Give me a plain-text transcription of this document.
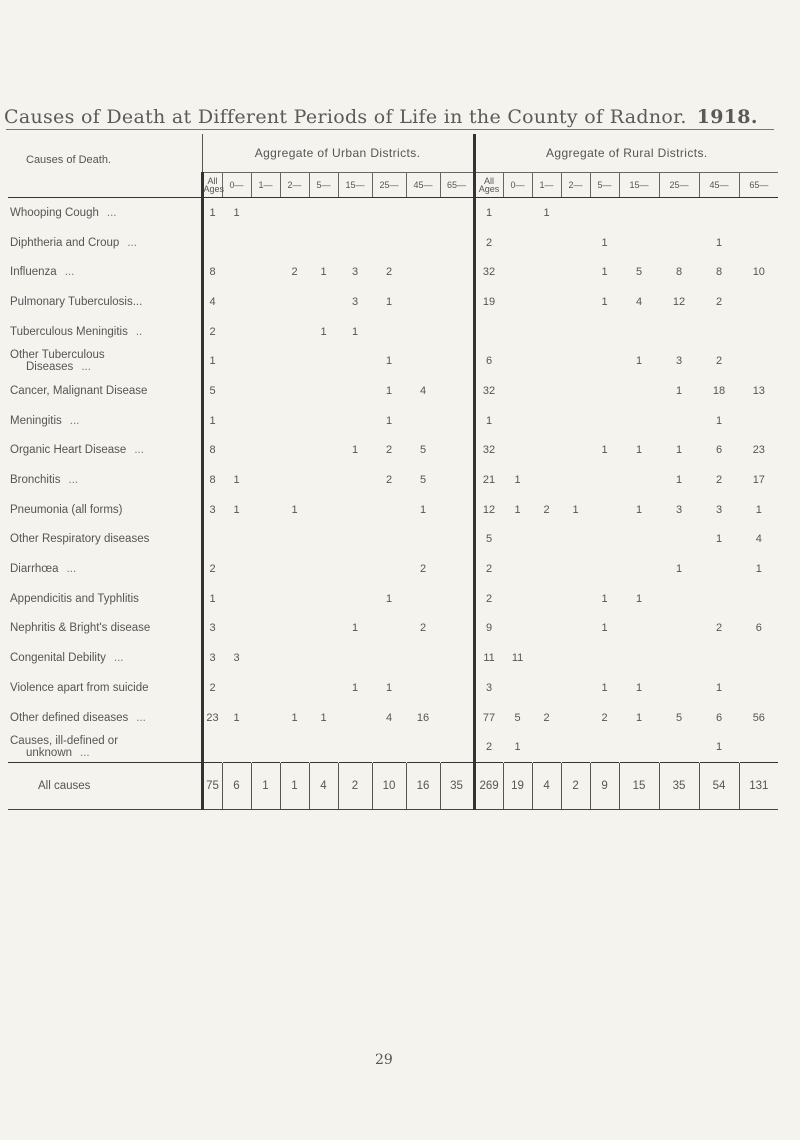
Causes of Death at Different Periods of Life in the County of Radnor. 1918.
Causes of Death.	Aggregate of Urban Districts.									Aggregate of Rural Districts.								
	All Ages	0—	1—	2—	5—	15—	25—	45—	65—	All Ages	0—	1—	2—	5—	15—	25—	45—	65—
Whooping Cough ...	1	1								1		1						
Diphtheria and Croup ...										2				1			1	
Influenza ...	8			2	1	3	2			32				1	5	8	8	10
Pulmonary Tuberculosis...	4					3	1			19				1	4	12	2	
Tuberculous Meningitis ..	2				1	1												
Other Tuberculous
Diseases ...	1						1			6					1	3	2	
Cancer, Malignant Disease	5						1	4		32						1	18	13
Meningitis ...	1						1			1							1	
Organic Heart Disease ...	8					1	2	5		32				1	1	1	6	23
Bronchitis ...	8	1					2	5		21	1					1	2	17
Pneumonia (all forms)	3	1		1				1		12	1	2	1		1	3	3	1
Other Respiratory diseases										5							1	4
Diarrhœa ...	2							2		2						1		1
Appendicitis and Typhlitis	1						1			2				1	1			
Nephritis & Bright's disease	3					1		2		9				1			2	6
Congenital Debility ...	3	3								11	11							
Violence apart from suicide	2					1	1			3				1	1		1	
Other defined diseases ...	23	1		1	1		4	16		77	5	2		2	1	5	6	56
Causes, ill-defined or
unknown ...										2	1						1	
All causes	75	6	1	1	4	2	10	16	35	269	19	4	2	9	15	35	54	131
29
